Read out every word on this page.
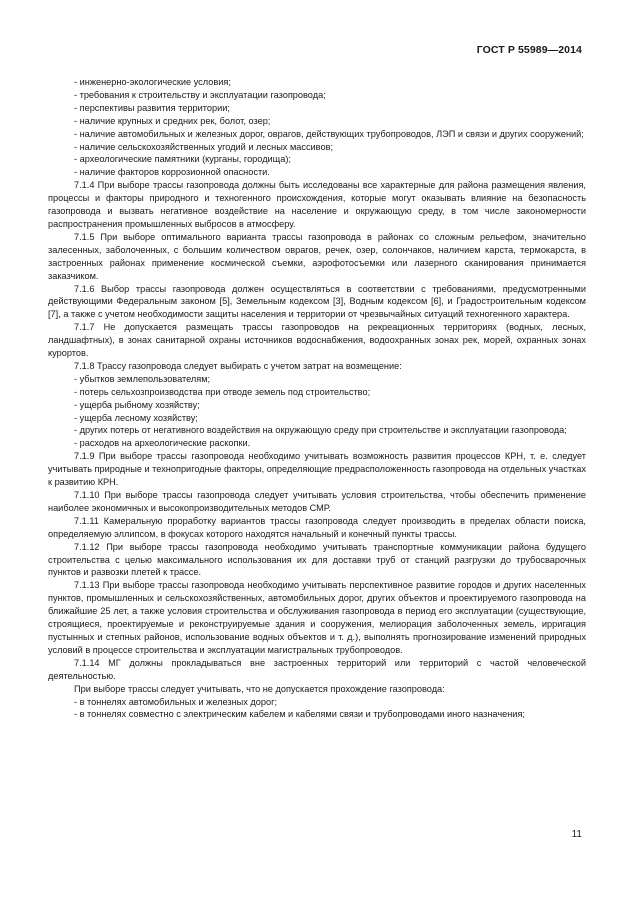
ГОСТ Р 55989—2014

- инженерно-экологические условия;

- требования к строительству и эксплуатации газопровода;

- перспективы развития территории;

- наличие крупных и средних рек, болот, озер;

- наличие автомобильных и железных дорог, оврагов, действующих трубопроводов, ЛЭП и связи и других сооружений;

- наличие сельскохозяйственных угодий и лесных массивов;

- археологические памятники (курганы, городища);

- наличие факторов коррозионной опасности.

7.1.4 При выборе трассы газопровода должны быть исследованы все характерные для района размещения явления, процессы и факторы природного и техногенного происхождения, которые могут оказывать влияние на безопасность газопровода и вызвать негативное воздействие на население и окружающую среду, в том числе закономерности распространения промышленных выбросов в атмосферу.

7.1.5 При выборе оптимального варианта трассы газопровода в районах со сложным рельефом, значительно залесенных, заболоченных, с большим количеством оврагов, речек, озер, солончаков, наличием карста, термокарста, в застроенных районах применение космической съемки, аэрофотосъемки или лазерного сканирования принимается заказчиком.

7.1.6 Выбор трассы газопровода должен осуществляться в соответствии с требованиями, предусмотренными действующими Федеральным законом [5], Земельным кодексом [3], Водным кодексом [6], и Градостроительным кодексом [7], а также с учетом необходимости защиты населения и территории от чрезвычайных ситуаций техногенного характера.

7.1.7 Не допускается размещать трассы газопроводов на рекреационных территориях (водных, лесных, ландшафтных), в зонах санитарной охраны источников водоснабжения, водоохранных зонах рек, морей, охранных зонах курортов.

7.1.8 Трассу газопровода следует выбирать с учетом затрат на возмещение:

- убытков землепользователям;

- потерь сельхозпроизводства при отводе земель под строительство;

- ущерба рыбному хозяйству;

- ущерба лесному хозяйству;

- других потерь от негативного воздействия на окружающую среду при строительстве и эксплуатации газопровода;

- расходов на археологические раскопки.

7.1.9 При выборе трассы газопровода необходимо учитывать возможность развития процессов КРН, т. е. следует учитывать природные и технопригодные факторы, определяющие предрасположенность газопровода на отдельных участках к развитию КРН.

7.1.10 При выборе трассы газопровода следует учитывать условия строительства, чтобы обеспечить применение наиболее экономичных и высокопроизводительных методов СМР.

7.1.11 Камеральную проработку вариантов трассы газопровода следует производить в пределах области поиска, определяемую эллипсом, в фокусах которого находятся начальный и конечный пункты трассы.

7.1.12 При выборе трассы газопровода необходимо учитывать транспортные коммуникации района будущего строительства с целью максимального использования их для доставки труб от станций разгрузки до трубосварочных пунктов и развозки плетей к трассе.

7.1.13 При выборе трассы газопровода необходимо учитывать перспективное развитие городов и других населенных пунктов, промышленных и сельскохозяйственных, автомобильных дорог, других объектов и проектируемого газопровода на ближайшие 25 лет, а также условия строительства и обслуживания газопровода в период его эксплуатации (существующие, строящиеся, проектируемые и реконструируемые здания и сооружения, мелиорация заболоченных земель, ирригация пустынных и степных районов, использование водных объектов и т. д.), выполнять прогнозирование изменений природных условий в процессе строительства и эксплуатации магистральных трубопроводов.

7.1.14 МГ должны прокладываться вне застроенных территорий или территорий с частой человеческой деятельностью.

При выборе трассы следует учитывать, что не допускается прохождение газопровода:

- в тоннелях автомобильных и железных дорог;

- в тоннелях совместно с электрическим кабелем и кабелями связи и трубопроводами иного назначения;

11
